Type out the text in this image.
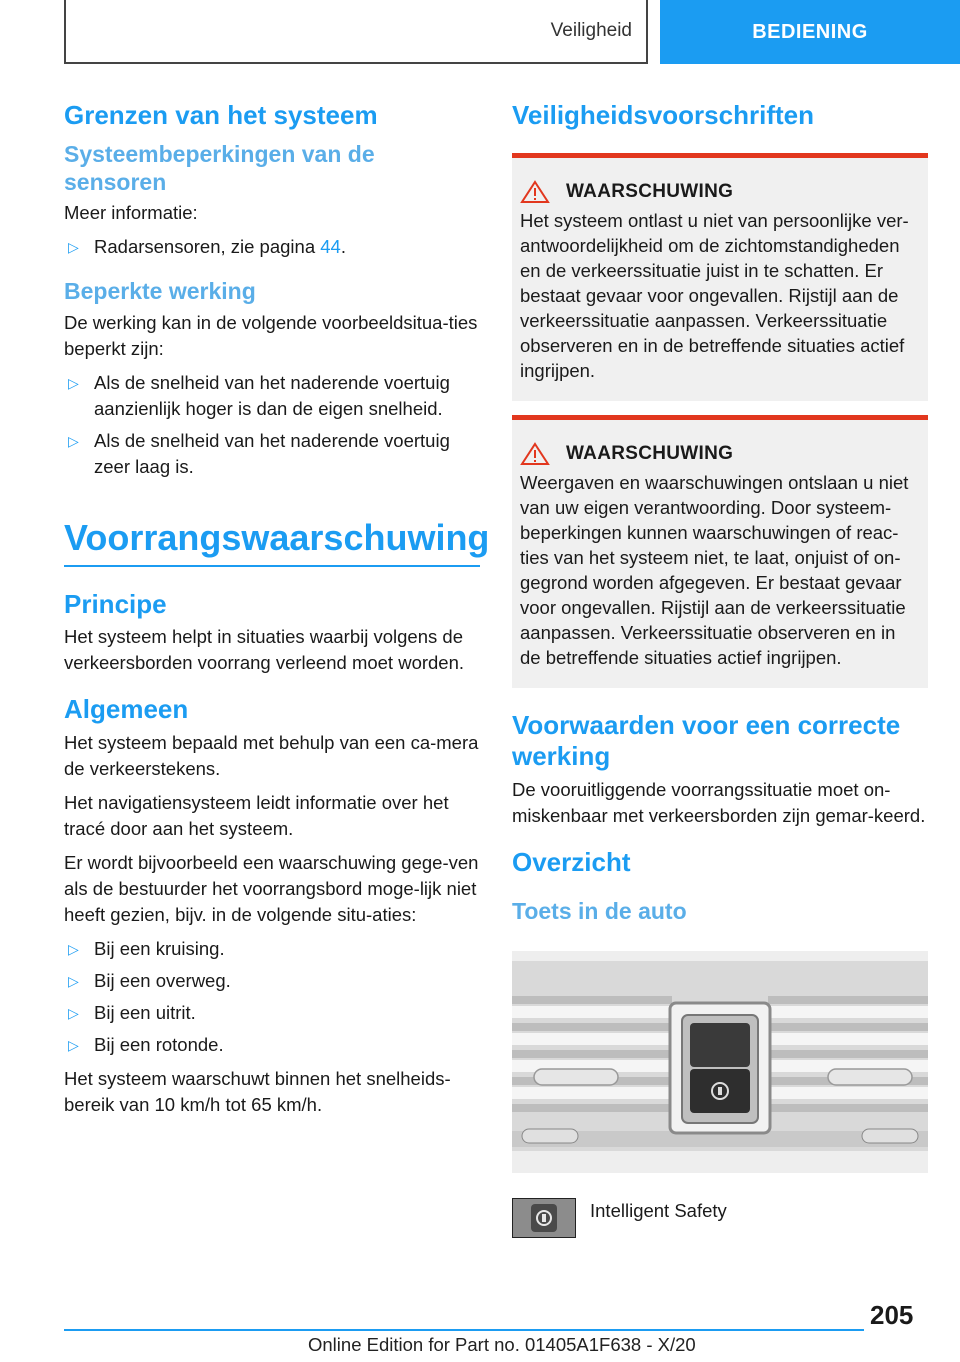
Veiligheid	BEDIENING
Grenzen van het systeem
Systeembeperkingen van de sensoren

Meer informatie:

▷ Radarsensoren, zie pagina 44.
Beperkte werking

De werking kan in de volgende voorbeeldsitua-ties beperkt zijn:

▷ Als de snelheid van het naderende voertuig aanzienlijk hoger is dan de eigen snelheid.
▷ Als de snelheid van het naderende voertuig zeer laag is.
Voorrangswaarschuwing
Principe

Het systeem helpt in situaties waarbij volgens de verkeersborden voorrang verleend moet worden.

Algemeen

Het systeem bepaald met behulp van een ca-mera de verkeerstekens.

Het navigatiensysteem leidt informatie over het tracé door aan het systeem.

Er wordt bijvoorbeeld een waarschuwing gege-ven als de bestuurder het voorrangsbord moge-lijk niet heeft gezien, bijv. in de volgende situ-aties:

▷ Bij een kruising.
▷ Bij een overweg.
▷ Bij een uitrit.
▷ Bij een rotonde.

Het systeem waarschuwt binnen het snelheids-bereik van 10 km/h tot 65 km/h.

Veiligheidsvoorschriften
WAARSCHUWING

Het systeem ontlast u niet van persoonlijke ver-antwoordelijkheid om de zichtomstandigheden en de verkeerssituatie juist in te schatten. Er bestaat gevaar voor ongevallen. Rijstijl aan de verkeerssituatie aanpassen. Verkeerssituatie observeren en in de betreffende situaties actief ingrijpen.

WAARSCHUWING

Weergaven en waarschuwingen ontslaan u niet van uw eigen verantwoording. Door systeem-beperkingen kunnen waarschuwingen of reac-ties van het systeem niet, te laat, onjuist of on-gegrond worden afgegeven. Er bestaat gevaar voor ongevallen. Rijstijl aan de verkeerssituatie aanpassen. Verkeerssituatie observeren en in de betreffende situaties actief ingrijpen.

Voorwaarden voor een correcte werking

De vooruitliggende voorrangssituatie moet on-miskenbaar met verkeersborden zijn gemar-keerd.

Overzicht
Toets in de auto
Intelligent Safety
205
Online Edition for Part no. 01405A1F638 - X/20
